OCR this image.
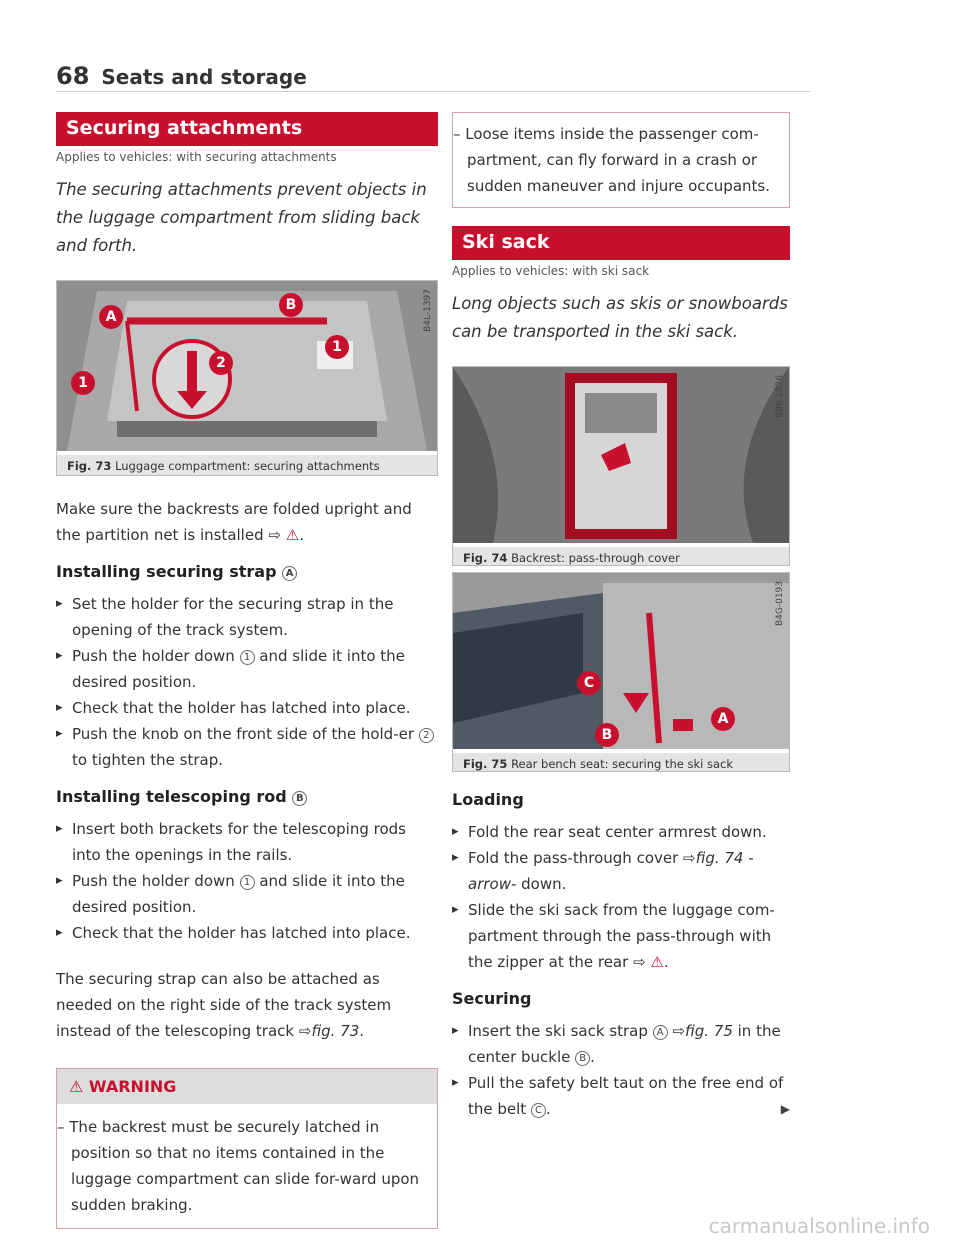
68 Seats and storage
Securing attachments
Applies to vehicles: with securing attachments
The securing attachments prevent objects in the luggage compartment from sliding back and forth.
A
B
1
1
2
B4L-1397
Fig. 73 Luggage compartment: securing attachments
Make sure the backrests are folded upright and the partition net is installed ⇨ ⚠.
Installing securing strap A
▸ Set the holder for the securing strap in the opening of the track system.
▸ Push the holder down 1 and slide it into the desired position.
▸ Check that the holder has latched into place.
▸ Push the knob on the front side of the hold-er 2 to tighten the strap.
Installing telescoping rod B
▸ Insert both brackets for the telescoping rods into the openings in the rails.
▸ Push the holder down 1 and slide it into the desired position.
▸ Check that the holder has latched into place.
The securing strap can also be attached as needed on the right side of the track system instead of the telescoping track ⇨fig. 73.
⚠ WARNING
– The backrest must be securely latched in position so that no items contained in the luggage compartment can slide for-ward upon sudden braking.
– Loose items inside the passenger com-partment, can fly forward in a crash or sudden maneuver and injure occupants.
Ski sack
Applies to vehicles: with ski sack
Long objects such as skis or snowboards can be transported in the ski sack.
B8K-1826
Fig. 74 Backrest: pass-through cover
C
B
A
B4G-0193
Fig. 75 Rear bench seat: securing the ski sack
Loading
▸ Fold the rear seat center armrest down.
▸ Fold the pass-through cover ⇨fig. 74 -arrow- down.
▸ Slide the ski sack from the luggage com-partment through the pass-through with the zipper at the rear ⇨ ⚠.
Securing
▸ Insert the ski sack strap A ⇨fig. 75 in the center buckle B .
▸ Pull the safety belt taut on the free end of the belt C .	▶
carmanualsonline.info
